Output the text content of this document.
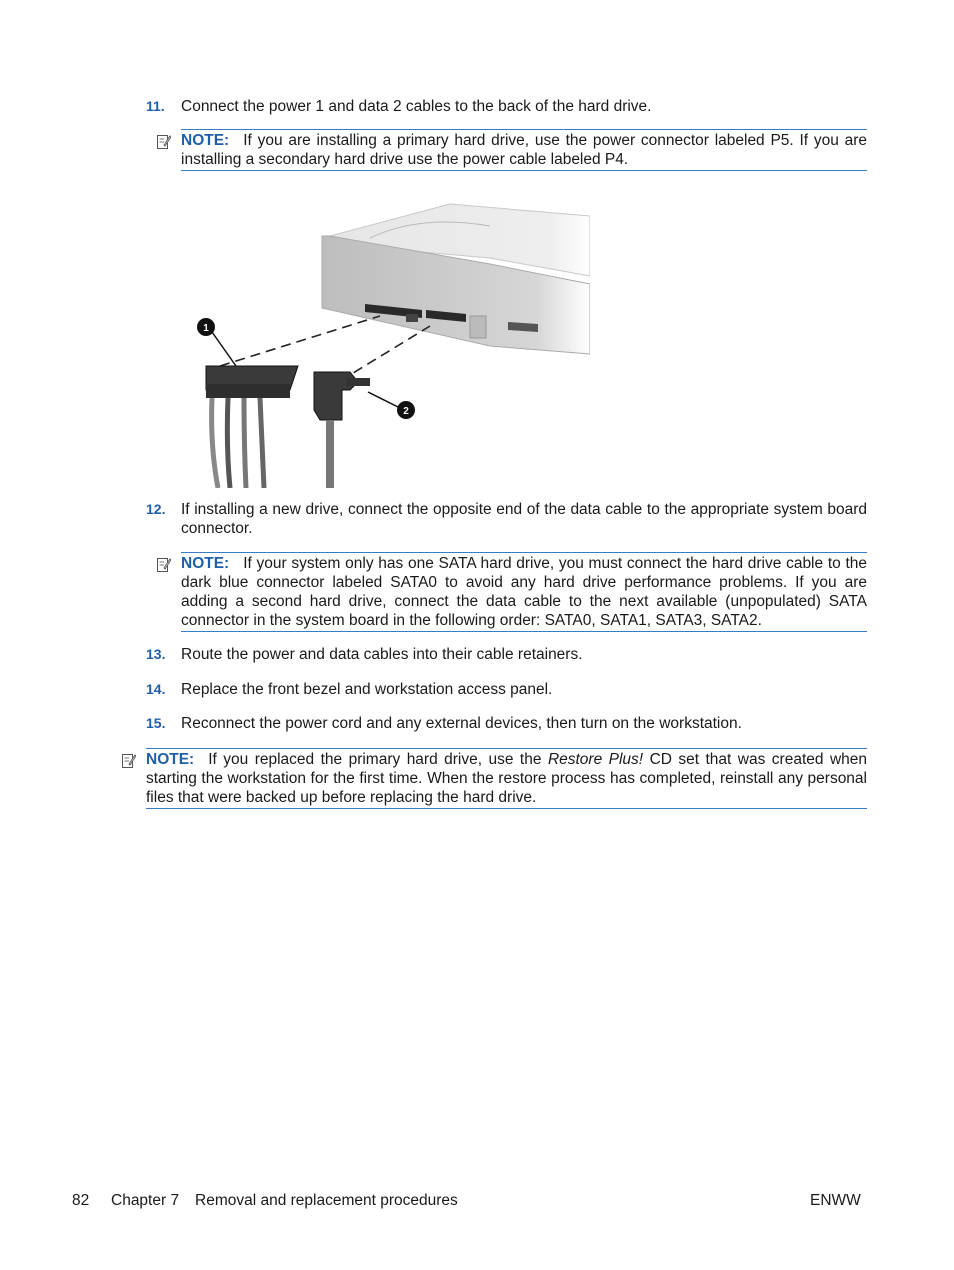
11. Connect the power 1 and data 2 cables to the back of the hard drive.
NOTE: If you are installing a primary hard drive, use the power connector labeled P5. If you are installing a secondary hard drive use the power cable labeled P4.
1
2
12. If installing a new drive, connect the opposite end of the data cable to the appropriate system board connector.
NOTE: If your system only has one SATA hard drive, you must connect the hard drive cable to the dark blue connector labeled SATA0 to avoid any hard drive performance problems. If you are adding a second hard drive, connect the data cable to the next available (unpopulated) SATA connector in the system board in the following order: SATA0, SATA1, SATA3, SATA2.
13. Route the power and data cables into their cable retainers.
14. Replace the front bezel and workstation access panel.
15. Reconnect the power cord and any external devices, then turn on the workstation.
NOTE: If you replaced the primary hard drive, use the Restore Plus! CD set that was created when starting the workstation for the first time. When the restore process has completed, reinstall any personal files that were backed up before replacing the hard drive.
82 Chapter 7 Removal and replacement procedures	ENWW
